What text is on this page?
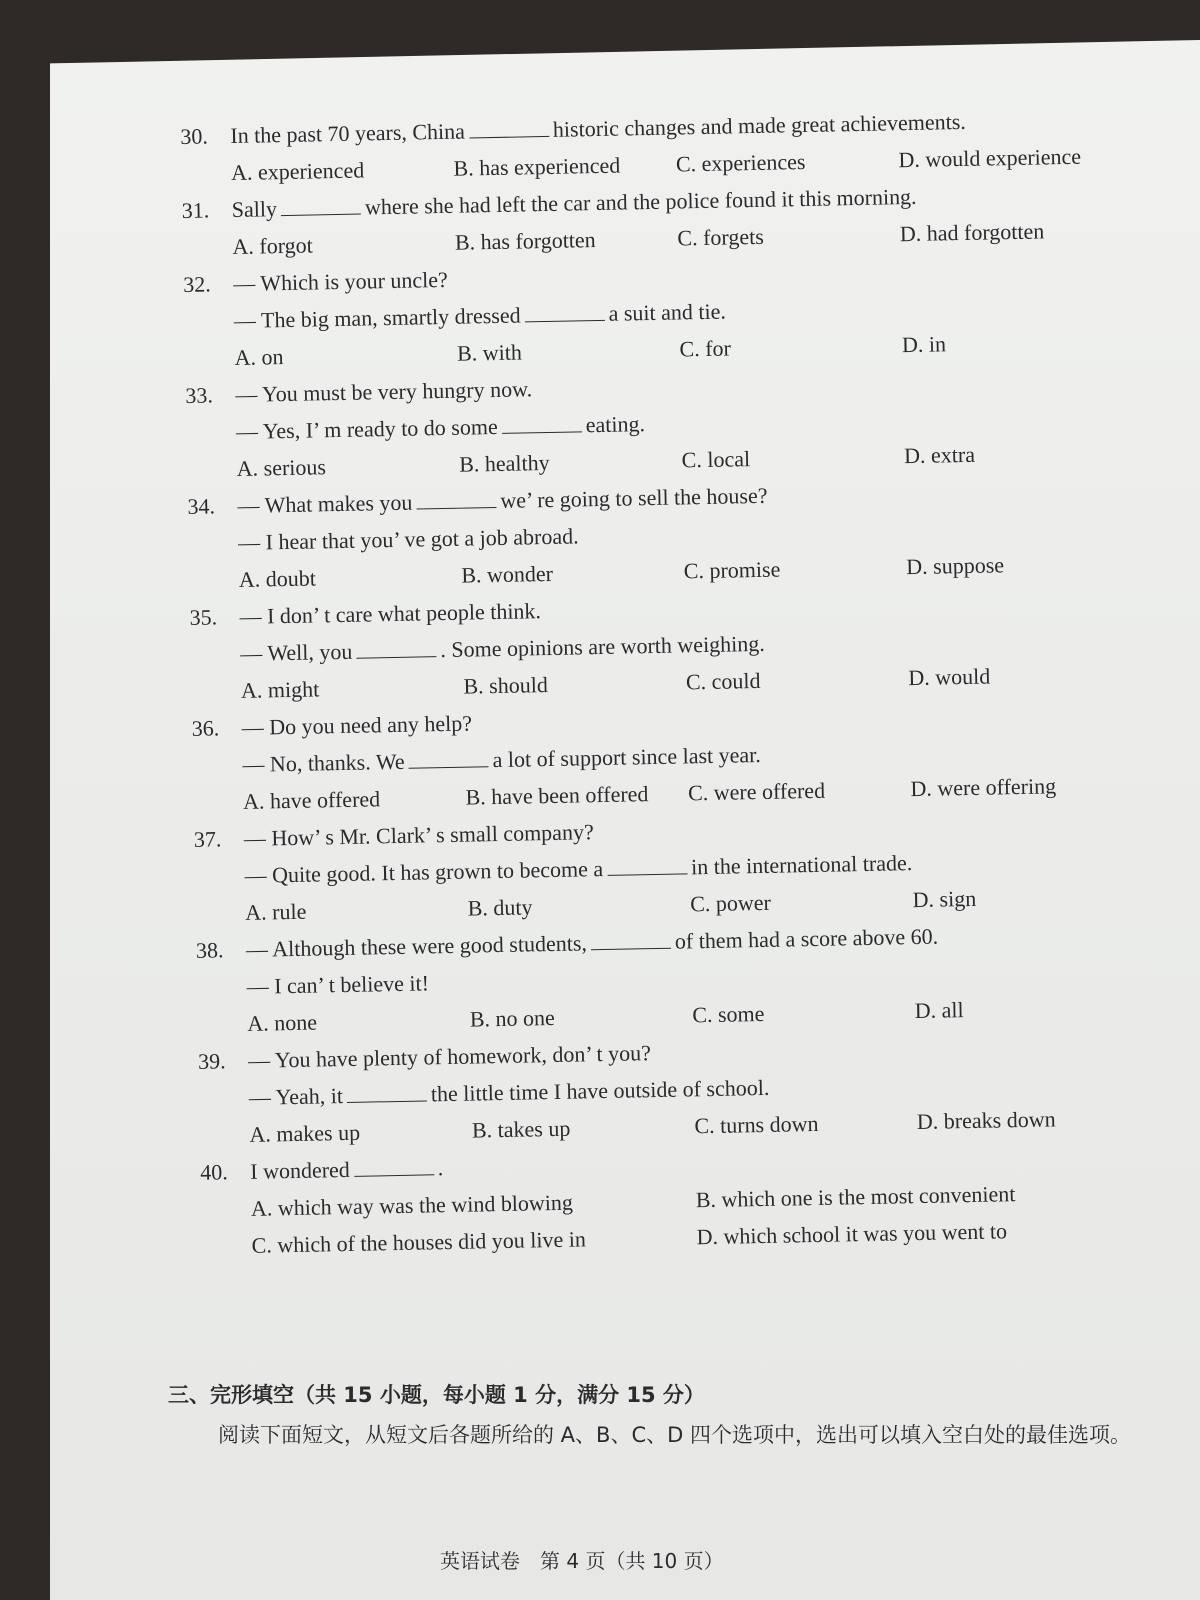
30. In the past 70 years, China	historic changes and made great achievements.
A. experienced	B. has experienced	C. experiences	D. would experience
31. Sally	where she had left the car and the police found it this morning.
A. forgot	B. has forgotten	C. forgets	D. had forgotten
32. — Which is your uncle?
— The big man, smartly dressed	a suit and tie.
A. on	B. with	C. for	D. in
33. — You must be very hungry now.
— Yes, I’ m ready to do some	eating.
A. serious	B. healthy	C. local	D. extra
34. — What makes you	we’ re going to sell the house?
— I hear that you’ ve got a job abroad.
A. doubt	B. wonder	C. promise	D. suppose
35. — I don’ t care what people think.
— Well, you	. Some opinions are worth weighing.
A. might	B. should	C. could	D. would
36. — Do you need any help?
— No, thanks. We	a lot of support since last year.
A. have offered	B. have been offered	C. were offered	D. were offering
37. — How’ s Mr. Clark’ s small company?
— Quite good. It has grown to become a	in the international trade.
A. rule	B. duty	C. power	D. sign
38. — Although these were good students,	of them had a score above 60.
— I can’ t believe it!
A. none	B. no one	C. some	D. all
39. — You have plenty of homework, don’ t you?
— Yeah, it	the little time I have outside of school.
A. makes up	B. takes up	C. turns down	D. breaks down
40. I wondered	.
A. which way was the wind blowing	B. which one is the most convenient
C. which of the houses did you live in	D. which school it was you went to

三、完形填空（共 15 小题，每小题 1 分，满分 15 分）

阅读下面短文，从短文后各题所给的 A、B、C、D 四个选项中，选出可以填入空白处的最佳选项。

英语试卷　第 4 页（共 10 页）
